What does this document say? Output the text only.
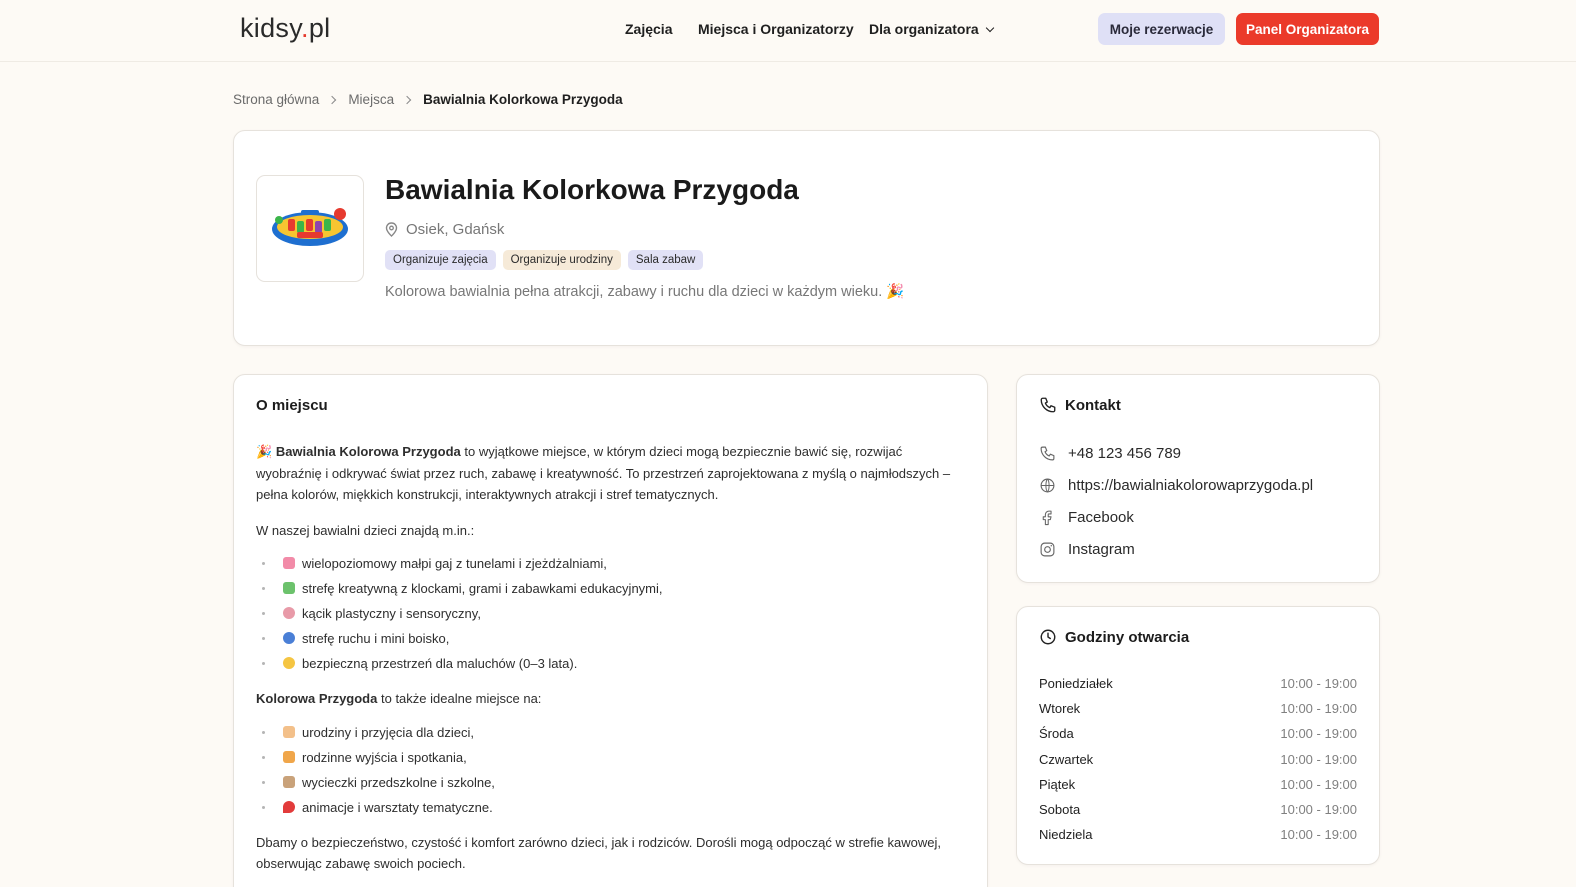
kidsy.pl	Zajęcia Miejsca i Organizatorzy Dla organizatora	Moje rezerwacje	Panel Organizatora
Strona główna Miejsca Bawialnia Kolorkowa Przygoda
Bawialnia Kolorkowa Przygoda
Osiek, Gdańsk
Organizuje zajęcia	Organizuje urodziny	Sala zabaw
Kolorowa bawialnia pełna atrakcji, zabawy i ruchu dla dzieci w każdym wieku. 🎉
O miejscu

🎉 Bawialnia Kolorowa Przygoda to wyjątkowe miejsce, w którym dzieci mogą bezpiecznie bawić się, rozwijać wyobraźnię i odkrywać świat przez ruch, zabawę i kreatywność. To przestrzeń zaprojektowana z myślą o najmłodszych – pełna kolorów, miękkich konstrukcji, interaktywnych atrakcji i stref tematycznych.

W naszej bawialni dzieci znajdą m.in.:

wielopoziomowy małpi gaj z tunelami i zjeżdżalniami,
strefę kreatywną z klockami, grami i zabawkami edukacyjnymi,
kącik plastyczny i sensoryczny,
strefę ruchu i mini boisko,
bezpieczną przestrzeń dla maluchów (0–3 lata).

Kolorowa Przygoda to także idealne miejsce na:

urodziny i przyjęcia dla dzieci,
rodzinne wyjścia i spotkania,
wycieczki przedszkolne i szkolne,
animacje i warsztaty tematyczne.

Dbamy o bezpieczeństwo, czystość i komfort zarówno dzieci, jak i rodziców. Dorośli mogą odpocząć w strefie kawowej, obserwując zabawę swoich pociech.

Kontakt
+48 123 456 789
https://bawialniakolorowaprzygoda.pl
Facebook
Instagram
Godziny otwarcia
Poniedziałek	10:00 - 19:00
Wtorek	10:00 - 19:00
Środa	10:00 - 19:00
Czwartek	10:00 - 19:00
Piątek	10:00 - 19:00
Sobota	10:00 - 19:00
Niedziela	10:00 - 19:00
